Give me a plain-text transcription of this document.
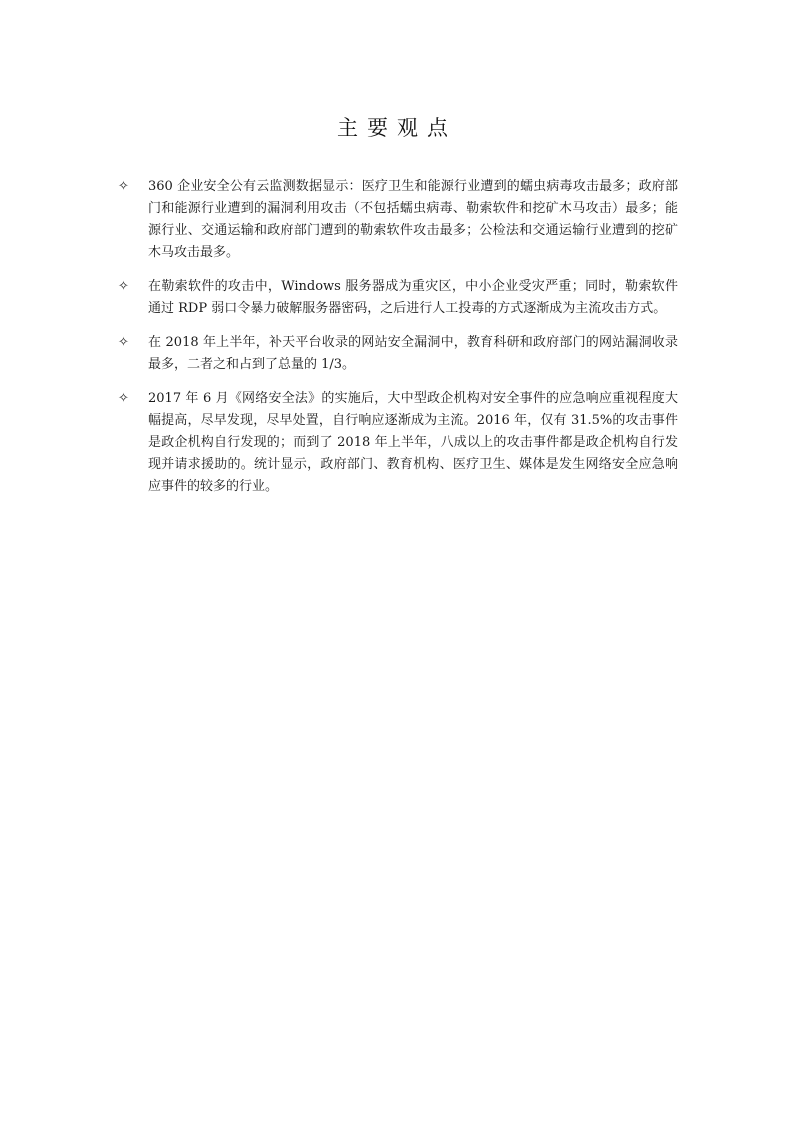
主要观点
✧	360 企业安全公有云监测数据显示：医疗卫生和能源行业遭到的蠕虫病毒攻击最多；政府部门和能源行业遭到的漏洞利用攻击（不包括蠕虫病毒、勒索软件和挖矿木马攻击）最多；能源行业、交通运输和政府部门遭到的勒索软件攻击最多；公检法和交通运输行业遭到的挖矿木马攻击最多。
✧	在勒索软件的攻击中，Windows 服务器成为重灾区，中小企业受灾严重；同时，勒索软件通过 RDP 弱口令暴力破解服务器密码，之后进行人工投毒的方式逐渐成为主流攻击方式。
✧	在 2018 年上半年，补天平台收录的网站安全漏洞中，教育科研和政府部门的网站漏洞收录最多，二者之和占到了总量的 1/3。
✧	2017 年 6 月《网络安全法》的实施后，大中型政企机构对安全事件的应急响应重视程度大幅提高，尽早发现，尽早处置，自行响应逐渐成为主流。2016 年，仅有 31.5%的攻击事件是政企机构自行发现的；而到了 2018 年上半年，八成以上的攻击事件都是政企机构自行发现并请求援助的。统计显示，政府部门、教育机构、医疗卫生、媒体是发生网络安全应急响应事件的较多的行业。
